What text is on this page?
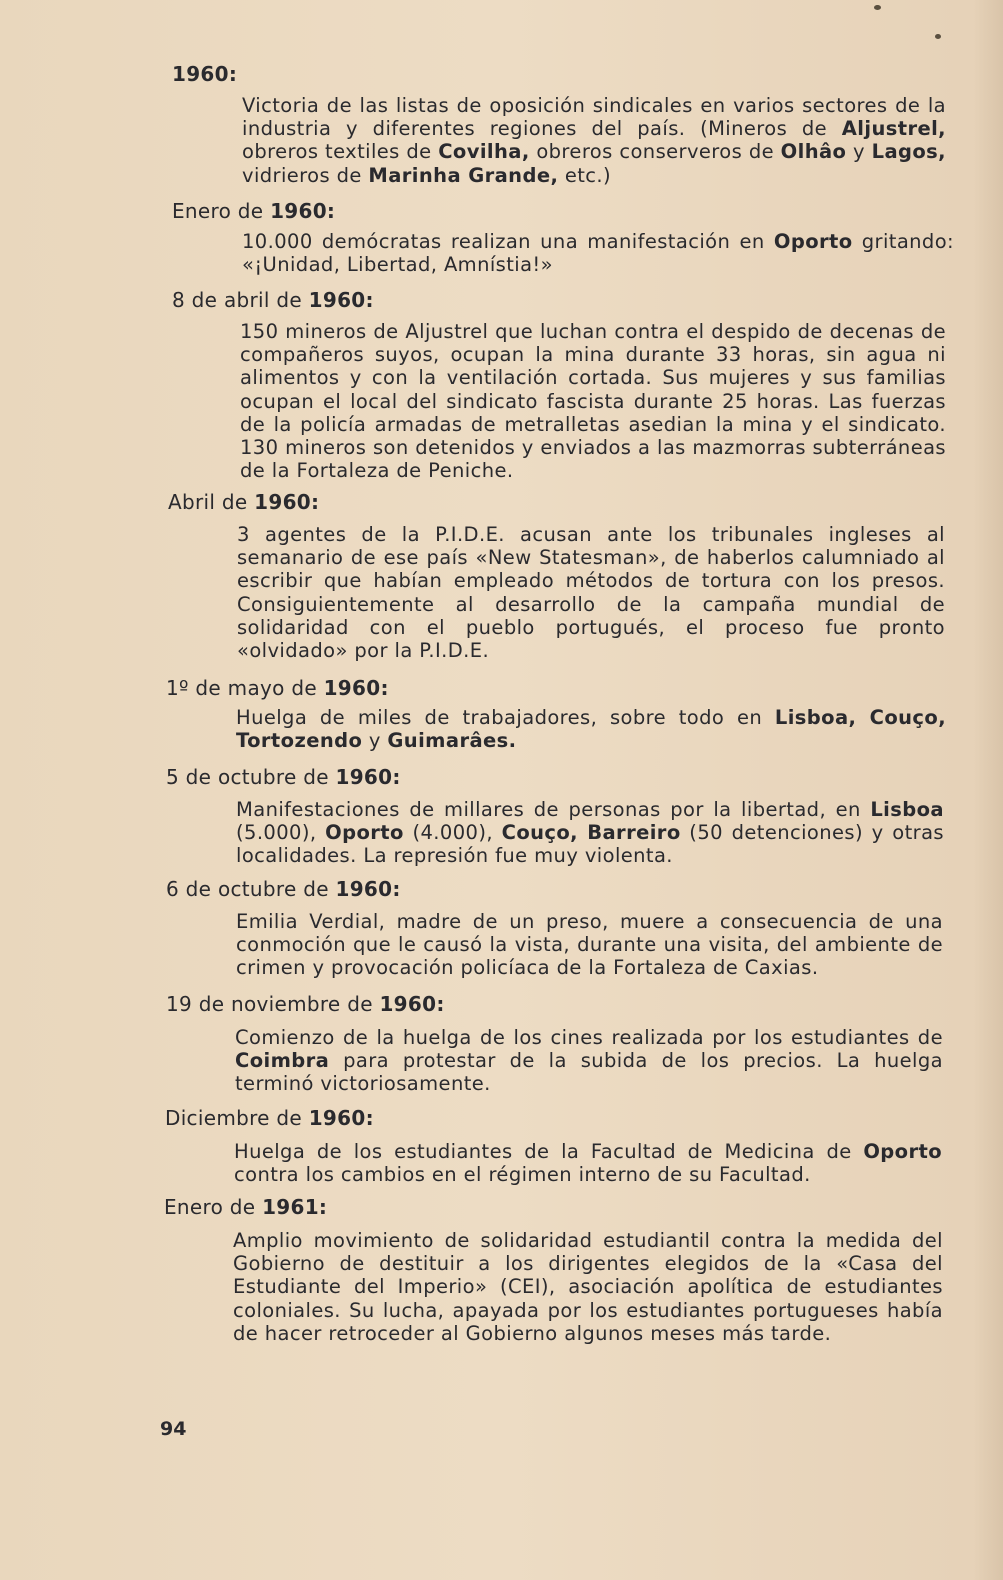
1960:
Victoria de las listas de oposición sindicales en varios sectores de la industria y diferentes regiones del país. (Mineros de Aljustrel, obreros textiles de Covilha, obreros conserveros de Olhâo y Lagos, vidrieros de Marinha Grande, etc.)
Enero de 1960:
10.000 demócratas realizan una manifestación en Oporto gritando: «¡Unidad, Libertad, Amnístia!»
8 de abril de 1960:
150 mineros de Aljustrel que luchan contra el despido de decenas de compañeros suyos, ocupan la mina durante 33 horas, sin agua ni alimentos y con la ventilación cortada. Sus mujeres y sus familias ocupan el local del sindicato fascista durante 25 horas. Las fuerzas de la policía armadas de metralletas asedian la mina y el sindicato. 130 mineros son detenidos y enviados a las mazmorras subterráneas de la Fortaleza de Peniche.
Abril de 1960:
3 agentes de la P.I.D.E. acusan ante los tribunales ingleses al semanario de ese país «New Statesman», de haberlos calumniado al escribir que habían empleado métodos de tortura con los presos. Consiguientemente al desarrollo de la campaña mundial de solidaridad con el pueblo portugués, el proceso fue pronto «olvidado» por la P.I.D.E.
1º de mayo de 1960:
Huelga de miles de trabajadores, sobre todo en Lisboa, Couço, Tortozendo y Guimarâes.
5 de octubre de 1960:
Manifestaciones de millares de personas por la libertad, en Lisboa (5.000), Oporto (4.000), Couço, Barreiro (50 detenciones) y otras localidades. La represión fue muy violenta.
6 de octubre de 1960:
Emilia Verdial, madre de un preso, muere a consecuencia de una conmoción que le causó la vista, durante una visita, del ambiente de crimen y provocación policíaca de la Fortaleza de Caxias.
19 de noviembre de 1960:
Comienzo de la huelga de los cines realizada por los estudiantes de Coimbra para protestar de la subida de los precios. La huelga terminó victoriosamente.
Diciembre de 1960:
Huelga de los estudiantes de la Facultad de Medicina de Oporto contra los cambios en el régimen interno de su Facultad.
Enero de 1961:
Amplio movimiento de solidaridad estudiantil contra la medida del Gobierno de destituir a los dirigentes elegidos de la «Casa del Estudiante del Imperio» (CEI), asociación apolítica de estudiantes coloniales. Su lucha, apayada por los estudiantes portugueses había de hacer retroceder al Gobierno algunos meses más tarde.
94
